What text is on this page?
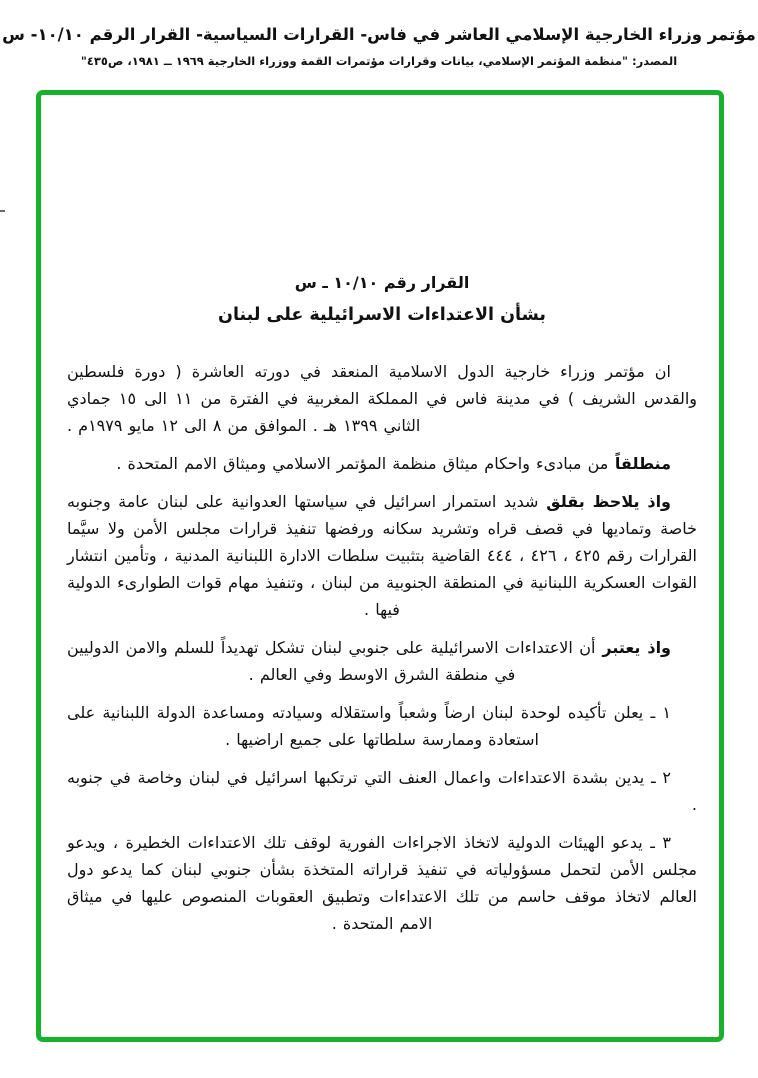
مؤتمر وزراء الخارجية الإسلامي العاشر في فاس- القرارات السياسية- القرار الرقم ١٠/١٠- س
المصدر: "منظمة المؤتمر الإسلامي، بيانات وقرارات مؤتمرات القمة ووزراء الخارجية ١٩٦٩ ــ ١٩٨١، ص٤٣٥"
القرار رقم ١٠/١٠ ـ س
بشأن الاعتداءات الاسرائيلية على لبنان

ان مؤتمر وزراء خارجية الدول الاسلامية المنعقد في دورته العاشرة ( دورة فلسطين والقدس الشريف ) في مدينة فاس في المملكة المغربية في الفترة من ١١ الى ١٥ جمادي الثاني ١٣٩٩ هـ . الموافق من ٨ الى ١٢ مايو ١٩٧٩م .

منطلقاً من مبادىء واحكام ميثاق منظمة المؤتمر الاسلامي وميثاق الامم المتحدة .

واذ يلاحظ بقلق شديد استمرار اسرائيل في سياستها العدوانية على لبنان عامة وجنوبه خاصة وتماديها في قصف قراه وتشريد سكانه ورفضها تنفيذ قرارات مجلس الأمن ولا سيَّما القرارات رقم ٤٢٥ ، ٤٢٦ ، ٤٤٤ القاضية بتثبيت سلطات الادارة اللبنانية المدنية ، وتأمين انتشار القوات العسكرية اللبنانية في المنطقة الجنوبية من لبنان ، وتنفيذ مهام قوات الطوارىء الدولية فيها .

واذ يعتبر أن الاعتداءات الاسرائيلية على جنوبي لبنان تشكل تهديداً للسلم والامن الدوليين في منطقة الشرق الاوسط وفي العالم .

١ ـ يعلن تأكيده لوحدة لبنان ارضاً وشعباً واستقلاله وسيادته ومساعدة الدولة اللبنانية على استعادة وممارسة سلطاتها على جميع اراضيها .

٢ ـ يدين بشدة الاعتداءات واعمال العنف التي ترتكبها اسرائيل في لبنان وخاصة في جنوبه .

٣ ـ يدعو الهيئات الدولية لاتخاذ الاجراءات الفورية لوقف تلك الاعتداءات الخطيرة ، ويدعو مجلس الأمن لتحمل مسؤولياته في تنفيذ قراراته المتخذة بشأن جنوبي لبنان كما يدعو دول العالم لاتخاذ موقف حاسم من تلك الاعتداءات وتطبيق العقوبات المنصوص عليها في ميثاق الامم المتحدة .
